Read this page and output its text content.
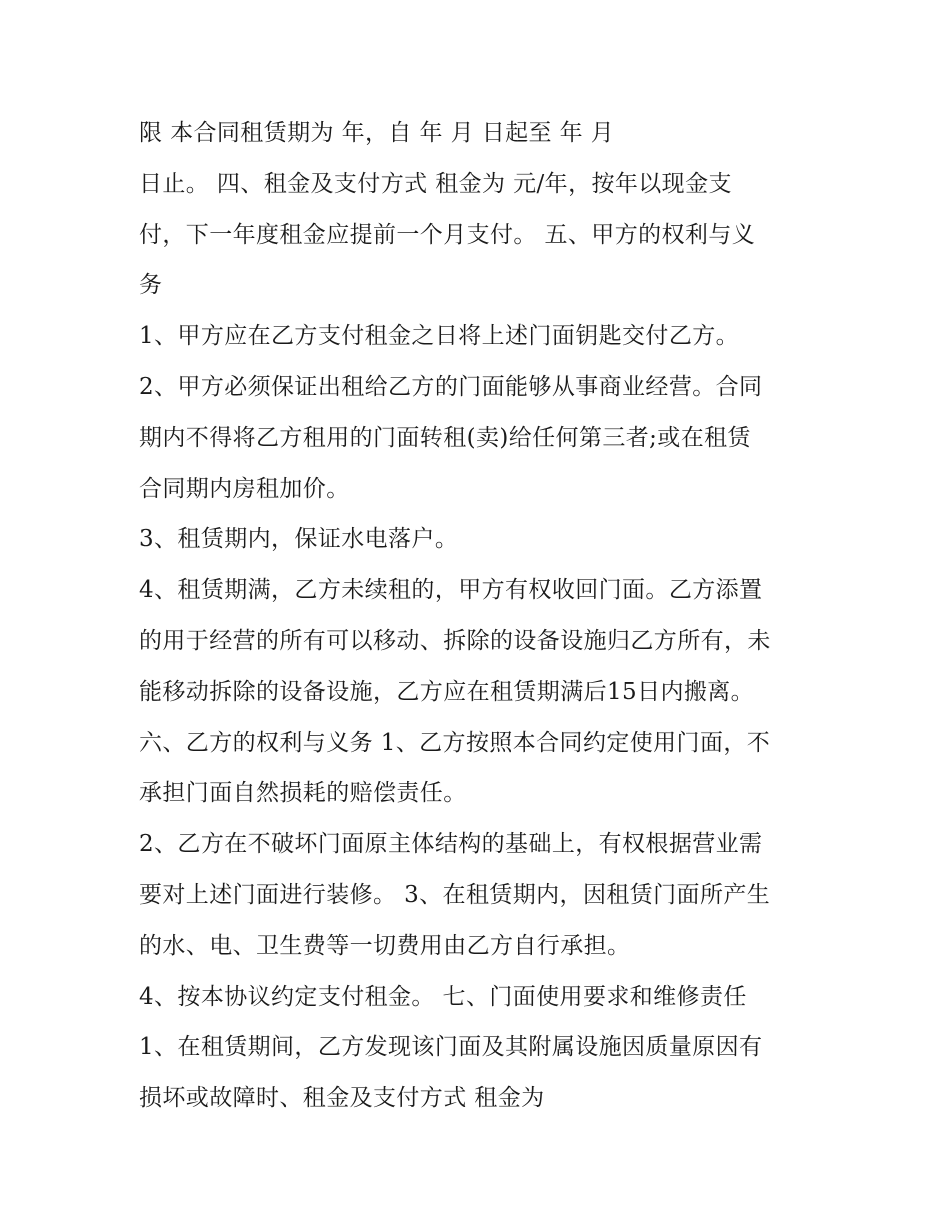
限 本合同租赁期为 年，自 年 月 日起至 年 月
日止。 四、租金及支付方式 租金为 元/年，按年以现金支
付，下一年度租金应提前一个月支付。 五、甲方的权利与义
务
1、甲方应在乙方支付租金之日将上述门面钥匙交付乙方。
2、甲方必须保证出租给乙方的门面能够从事商业经营。合同
期内不得将乙方租用的门面转租(卖)给任何第三者;或在租赁
合同期内房租加价。
3、租赁期内，保证水电落户。
4、租赁期满，乙方未续租的，甲方有权收回门面。乙方添置
的用于经营的所有可以移动、拆除的设备设施归乙方所有，未
能移动拆除的设备设施，乙方应在租赁期满后15日内搬离。
六、乙方的权利与义务 1、乙方按照本合同约定使用门面，不
承担门面自然损耗的赔偿责任。
2、乙方在不破坏门面原主体结构的基础上，有权根据营业需
要对上述门面进行装修。 3、在租赁期内，因租赁门面所产生
的水、电、卫生费等一切费用由乙方自行承担。
4、按本协议约定支付租金。 七、门面使用要求和维修责任
1、在租赁期间，乙方发现该门面及其附属设施因质量原因有
损坏或故障时、租金及支付方式 租金为
